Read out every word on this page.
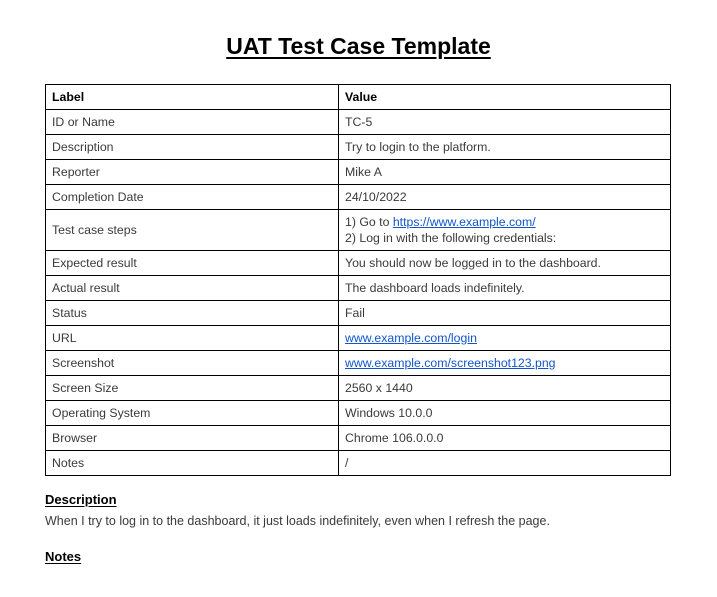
UAT Test Case Template
Label	Value
ID or Name	TC-5
Description	Try to login to the platform.
Reporter	Mike A
Completion Date	24/10/2022
Test case steps	1) Go to https://www.example.com/
2) Log in with the following credentials:
Expected result	You should now be logged in to the dashboard.
Actual result	The dashboard loads indefinitely.
Status	Fail
URL	www.example.com/login
Screenshot	www.example.com/screenshot123.png
Screen Size	2560 x 1440
Operating System	Windows 10.0.0
Browser	Chrome 106.0.0.0
Notes	/
Description

When I try to log in to the dashboard, it just loads indefinitely, even when I refresh the page.

Notes
